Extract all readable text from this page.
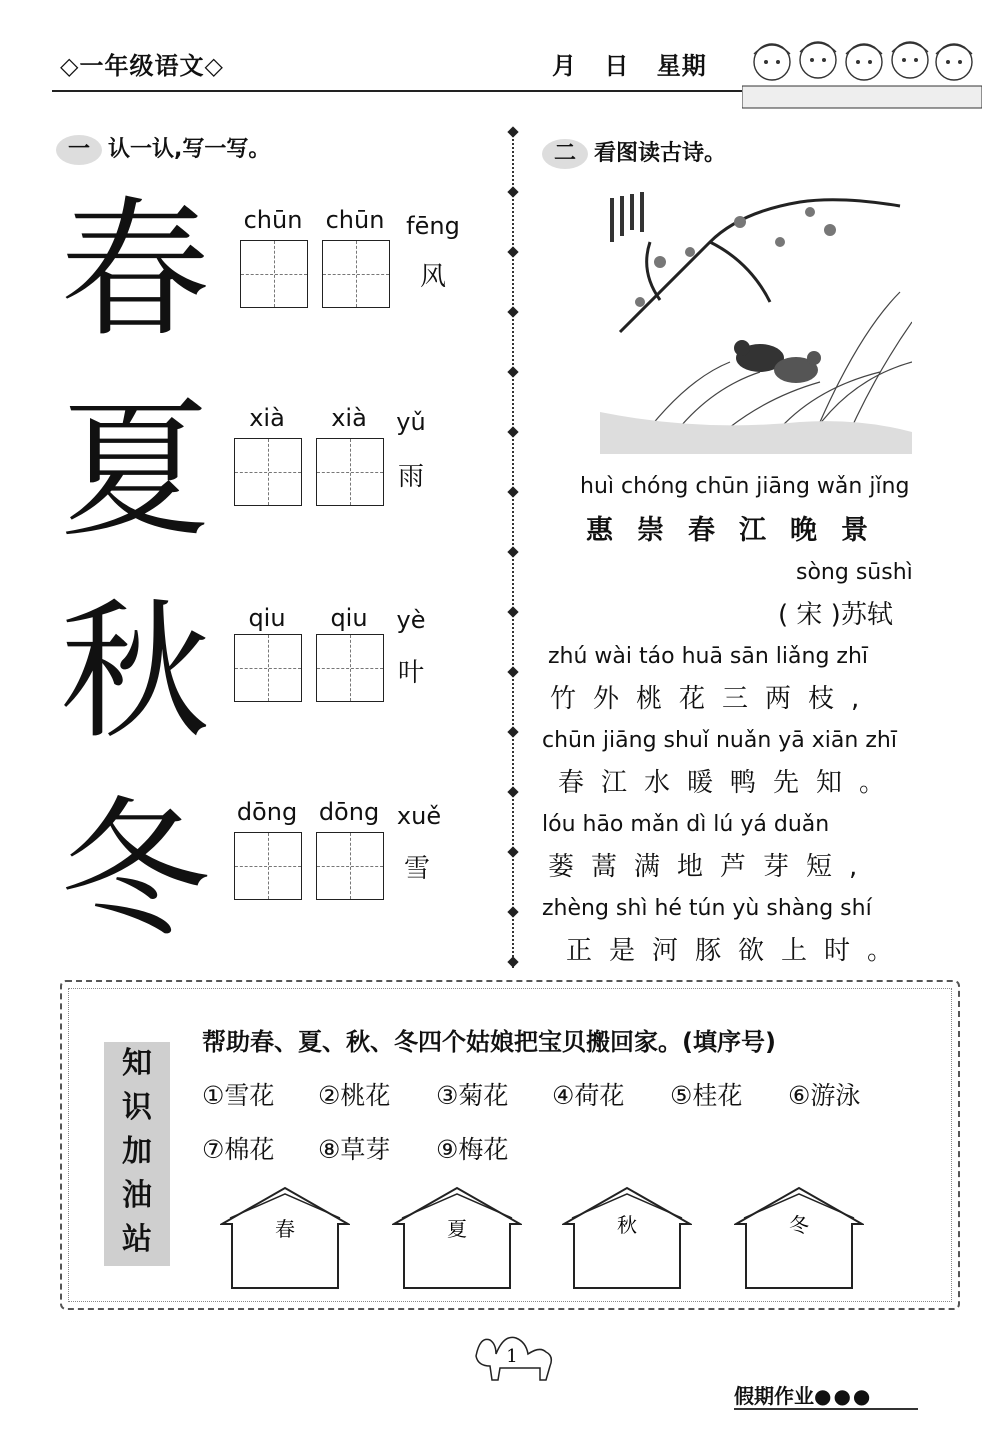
◇一年级语文◇	月 日 星期
一 认一认,写一写。
春 chūn chūn fēng
风
夏	xià	xià	yǔ
雨
秋	qiu	qiu	yè
叶
冬 dōng dōng xuě
雪
二 看图读古诗。
huì chóng chūn jiāng wǎn jǐng
惠崇春江晚景
sòng sūshì
( 宋 )苏轼
zhú wài táo huā sān liǎng zhī
竹外桃花三两枝,
chūn jiāng shuǐ nuǎn yā xiān zhī
春江水暖鸭先知。
lóu hāo mǎn dì lú yá duǎn
蒌蒿满地芦芽短,
zhèng shì hé tún yù shàng shí
正是河豚欲上时。
知
识
加
油
站
帮助春、夏、秋、冬四个姑娘把宝贝搬回家。(填序号)
①雪花 ②桃花 ③菊花 ④荷花 ⑤桂花 ⑥游泳
⑦棉花 ⑧草芽 ⑨梅花
春	夏	秋	冬
1
假期作业●●●
